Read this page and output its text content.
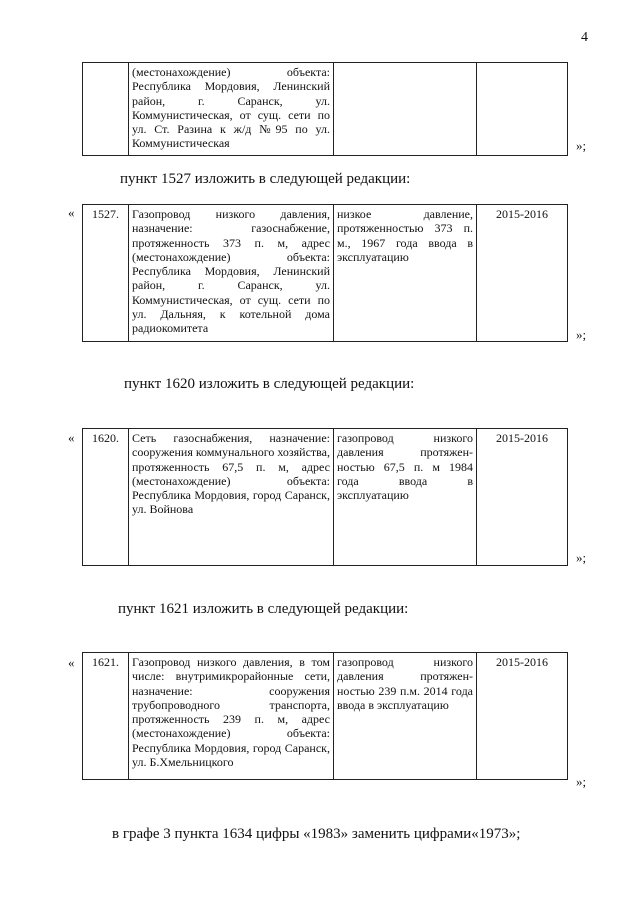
4
	(местонахождение) объекта: Республика Мордовия, Ленинский район, г. Саранск, ул. Коммунистическая, от сущ. сети по ул. Ст. Разина к ж/д №95 по ул. Коммунистическая			»;
пункт 1527 изложить в следующей редакции:
« 1527.	Газопровод низкого давления, назначение: газоснабжение, протяженность 373 п. м, адрес (местонахождение) объекта: Республика Мордовия, Ленинский район, г. Саранск, ул. Коммунистическая, от сущ. сети по ул. Дальняя, к котельной дома радиокомитета	низкое давление, протяженностью 373 п. м., 1967 года ввода в эксплуатацию	2015-2016
»;
пункт 1620 изложить в следующей редакции:
« 1620.	Сеть газоснабжения, назначение: сооружения коммунального хозяйства, протяженность 67,5 п. м, адрес (местонахождение) объекта: Республика Мордовия, город Саранск, ул. Войнова	газопровод низкого давления протяжен-ностью 67,5 п. м 1984 года ввода в эксплуатацию	2015-2016
»;
пункт 1621 изложить в следующей редакции:
« 1621.	Газопровод низкого давления, в том числе: внутримикрорайонные сети, назначение: сооружения трубопроводного транспорта, протяженность 239 п. м, адрес (местонахождение) объекта: Республика Мордовия, город Саранск, ул. Б.Хмельницкого	газопровод низкого давления протяжен-ностью 239 п.м. 2014 года ввода в эксплуатацию	2015-2016
»;
в графе 3 пункта 1634 цифры «1983» заменить цифрами«1973»;
